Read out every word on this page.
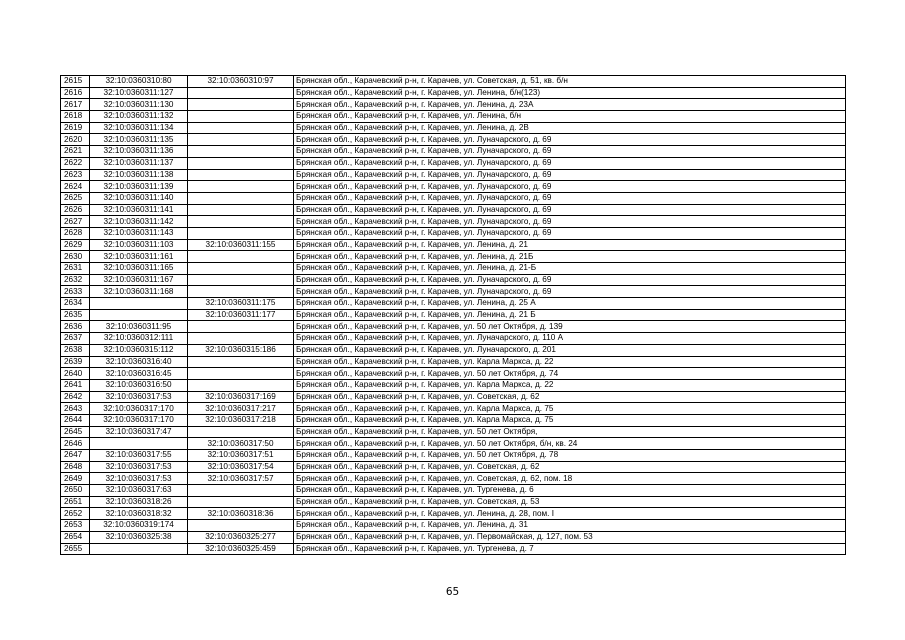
2615	32:10:0360310:80	32:10:0360310:97	Брянская обл., Карачевский р-н, г. Карачев, ул. Советская, д. 51, кв. б/н
2616	32:10:0360311:127		Брянская обл., Карачевский р-н, г. Карачев, ул. Ленина, б/н(123)
2617	32:10:0360311:130		Брянская обл., Карачевский р-н, г. Карачев, ул. Ленина, д. 23А
2618	32:10:0360311:132		Брянская обл., Карачевский р-н, г. Карачев, ул. Ленина, б/н
2619	32:10:0360311:134		Брянская обл., Карачевский р-н, г. Карачев, ул. Ленина, д. 2В
2620	32:10:0360311:135		Брянская обл., Карачевский р-н, г. Карачев, ул. Луначарского, д. 69
2621	32:10:0360311:136		Брянская обл., Карачевский р-н, г. Карачев, ул. Луначарского, д. 69
2622	32:10:0360311:137		Брянская обл., Карачевский р-н, г. Карачев, ул. Луначарского, д. 69
2623	32:10:0360311:138		Брянская обл., Карачевский р-н, г. Карачев, ул. Луначарского, д. 69
2624	32:10:0360311:139		Брянская обл., Карачевский р-н, г. Карачев, ул. Луначарского, д. 69
2625	32:10:0360311:140		Брянская обл., Карачевский р-н, г. Карачев, ул. Луначарского, д. 69
2626	32:10:0360311:141		Брянская обл., Карачевский р-н, г. Карачев, ул. Луначарского, д. 69
2627	32:10:0360311:142		Брянская обл., Карачевский р-н, г. Карачев, ул. Луначарского, д. 69
2628	32:10:0360311:143		Брянская обл., Карачевский р-н, г. Карачев, ул. Луначарского, д. 69
2629	32:10:0360311:103	32:10:0360311:155	Брянская обл., Карачевский р-н, г. Карачев, ул. Ленина, д. 21
2630	32:10:0360311:161		Брянская обл., Карачевский р-н, г. Карачев, ул. Ленина, д. 21Б
2631	32:10:0360311:165		Брянская обл., Карачевский р-н, г. Карачев, ул. Ленина, д. 21-Б
2632	32:10:0360311:167		Брянская обл., Карачевский р-н, г. Карачев, ул. Луначарского, д. 69
2633	32:10:0360311:168		Брянская обл., Карачевский р-н, г. Карачев, ул. Луначарского, д. 69
2634		32:10:0360311:175	Брянская обл., Карачевский р-н, г. Карачев, ул. Ленина, д. 25 А
2635		32:10:0360311:177	Брянская обл., Карачевский р-н, г. Карачев, ул. Ленина, д. 21 Б
2636	32:10:0360311:95		Брянская обл., Карачевский р-н, г. Карачев, ул. 50 лет Октября, д. 139
2637	32:10:0360312:111		Брянская обл., Карачевский р-н, г. Карачев, ул. Луначарского, д. 110 А
2638	32:10:0360315:112	32:10:0360315:186	Брянская обл., Карачевский р-н, г. Карачев, ул. Луначарского, д. 201
2639	32:10:0360316:40		Брянская обл., Карачевский р-н, г. Карачев, ул. Карла Маркса, д. 22
2640	32:10:0360316:45		Брянская обл., Карачевский р-н, г. Карачев, ул. 50 лет Октября, д. 74
2641	32:10:0360316:50		Брянская обл., Карачевский р-н, г. Карачев, ул. Карла Маркса, д. 22
2642	32:10:0360317:53	32:10:0360317:169	Брянская обл., Карачевский р-н, г. Карачев, ул. Советская, д. 62
2643	32:10:0360317:170	32:10:0360317:217	Брянская обл., Карачевский р-н, г. Карачев, ул. Карла Маркса, д. 75
2644	32:10:0360317:170	32:10:0360317:218	Брянская обл., Карачевский р-н, г. Карачев, ул. Карла Маркса, д. 75
2645	32:10:0360317:47		Брянская обл., Карачевский р-н, г. Карачев, ул. 50 лет Октября,
2646		32:10:0360317:50	Брянская обл., Карачевский р-н, г. Карачев, ул. 50 лет Октября, б/н, кв. 24
2647	32:10:0360317:55	32:10:0360317:51	Брянская обл., Карачевский р-н, г. Карачев, ул. 50 лет Октября, д. 78
2648	32:10:0360317:53	32:10:0360317:54	Брянская обл., Карачевский р-н, г. Карачев, ул. Советская, д. 62
2649	32:10:0360317:53	32:10:0360317:57	Брянская обл., Карачевский р-н, г. Карачев, ул. Советская, д. 62, пом. 18
2650	32:10:0360317:63		Брянская обл., Карачевский р-н, г. Карачев, ул. Тургенева, д. 6
2651	32:10:0360318:26		Брянская обл., Карачевский р-н, г. Карачев, ул. Советская, д. 53
2652	32:10:0360318:32	32:10:0360318:36	Брянская обл., Карачевский р-н, г. Карачев, ул. Ленина, д. 28, пом. I
2653	32:10:0360319:174		Брянская обл., Карачевский р-н, г. Карачев, ул. Ленина, д. 31
2654	32:10:0360325:38	32:10:0360325:277	Брянская обл., Карачевский р-н, г. Карачев, ул. Первомайская, д. 127, пом. 53
2655		32:10:0360325:459	Брянская обл., Карачевский р-н, г. Карачев, ул. Тургенева, д. 7
65
